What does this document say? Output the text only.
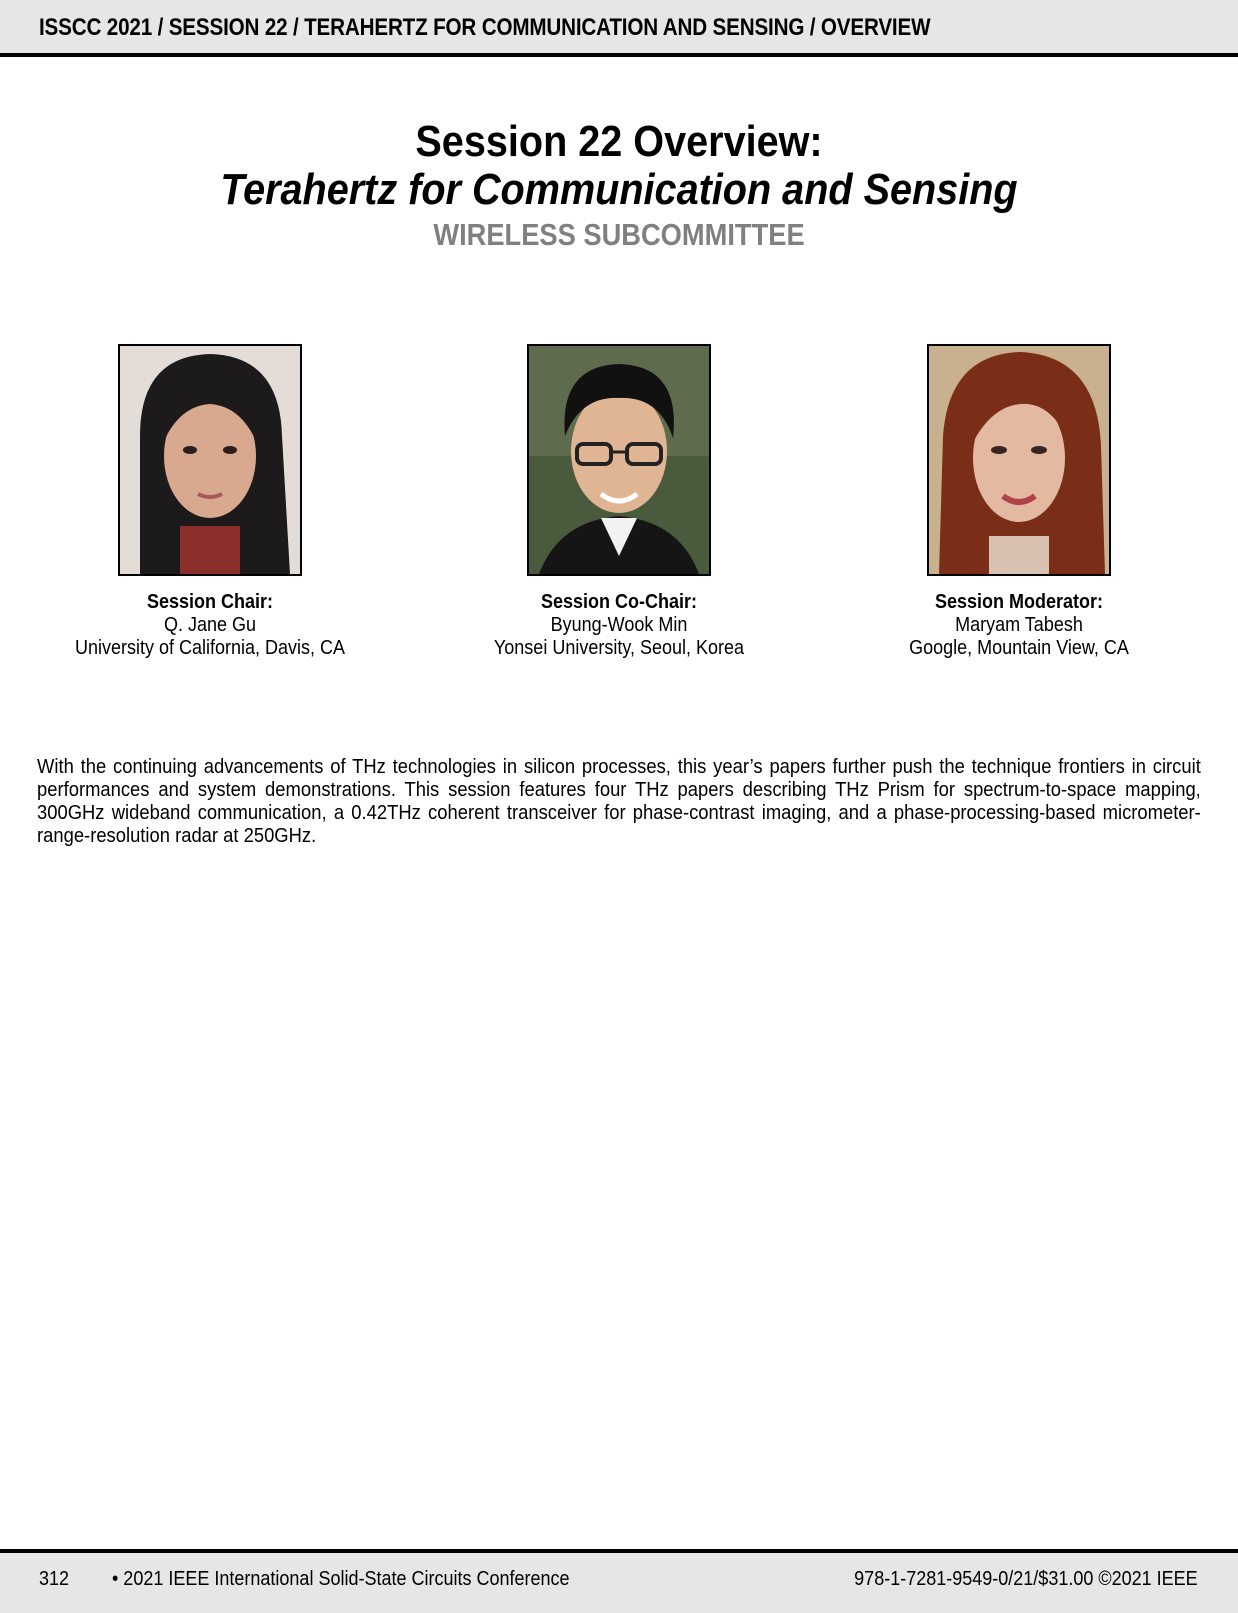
ISSCC 2021 / SESSION 22 / TERAHERTZ FOR COMMUNICATION AND SENSING / OVERVIEW
Session 22 Overview:
Terahertz for Communication and Sensing
WIRELESS SUBCOMMITTEE
Session Chair:
Q. Jane Gu
University of California, Davis, CA
Session Co-Chair:
Byung-Wook Min
Yonsei University, Seoul, Korea
Session Moderator:
Maryam Tabesh
Google, Mountain View, CA
With the continuing advancements of THz technologies in silicon processes, this year’s papers further push the technique frontiers in circuit performances and system demonstrations. This session features four THz papers describing THz Prism for spectrum-to-space mapping, 300GHz wideband communication, a 0.42THz coherent transceiver for phase-contrast imaging, and a phase-processing-based micrometer-range-resolution radar at 250GHz.
312 • 2021 IEEE International Solid-State Circuits Conference	978-1-7281-9549-0/21/$31.00 ©2021 IEEE
